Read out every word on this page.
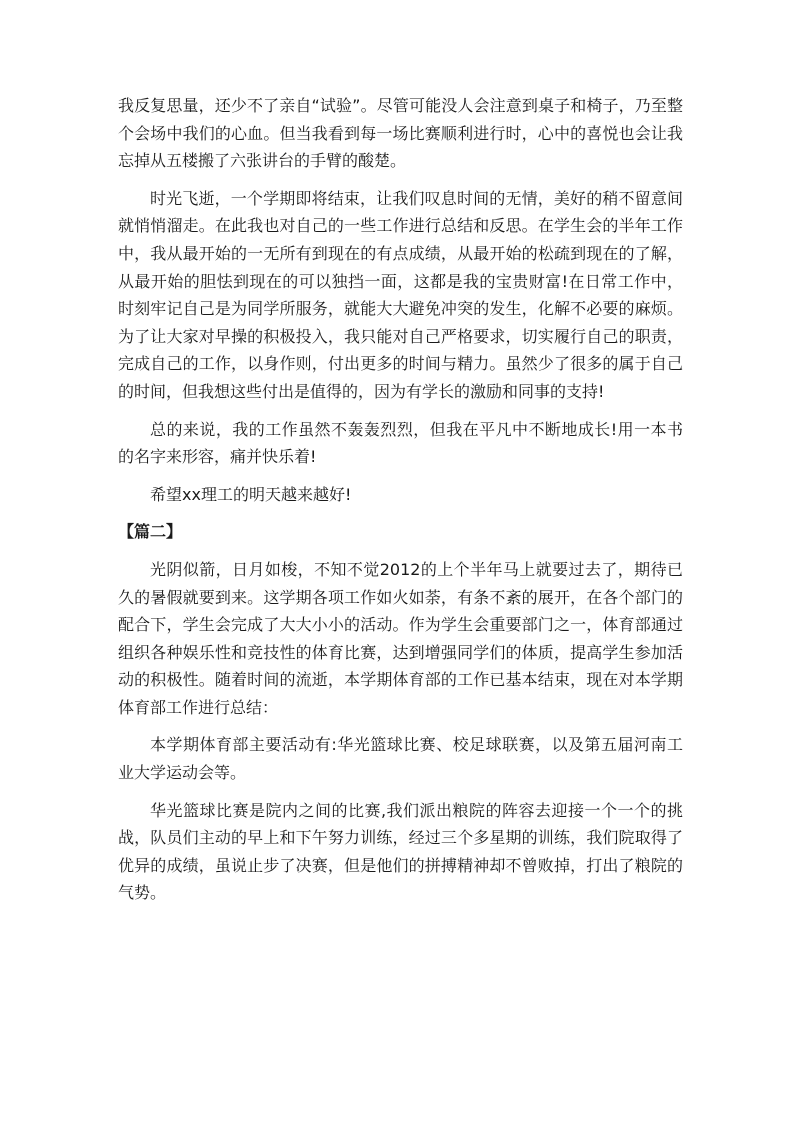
我反复思量，还少不了亲自“试验”。尽管可能没人会注意到桌子和椅子，乃至整个会场中我们的心血。但当我看到每一场比赛顺利进行时，心中的喜悦也会让我忘掉从五楼搬了六张讲台的手臂的酸楚。

时光飞逝，一个学期即将结束，让我们叹息时间的无情，美好的稍不留意间就悄悄溜走。在此我也对自己的一些工作进行总结和反思。在学生会的半年工作中，我从最开始的一无所有到现在的有点成绩，从最开始的松疏到现在的了解，从最开始的胆怯到现在的可以独挡一面，这都是我的宝贵财富!在日常工作中，时刻牢记自己是为同学所服务，就能大大避免冲突的发生，化解不必要的麻烦。为了让大家对早操的积极投入，我只能对自己严格要求，切实履行自己的职责，完成自己的工作，以身作则，付出更多的时间与精力。虽然少了很多的属于自己的时间，但我想这些付出是值得的，因为有学长的激励和同事的支持!

总的来说，我的工作虽然不轰轰烈烈，但我在平凡中不断地成长!用一本书的名字来形容，痛并快乐着!

希望xx理工的明天越来越好!

【篇二】

光阴似箭，日月如梭，不知不觉2012的上个半年马上就要过去了，期待已久的暑假就要到来。这学期各项工作如火如荼，有条不紊的展开，在各个部门的配合下，学生会完成了大大小小的活动。作为学生会重要部门之一，体育部通过组织各种娱乐性和竞技性的体育比赛，达到增强同学们的体质，提高学生参加活动的积极性。随着时间的流逝，本学期体育部的工作已基本结束，现在对本学期体育部工作进行总结：

本学期体育部主要活动有:华光篮球比赛、校足球联赛，以及第五届河南工业大学运动会等。

华光篮球比赛是院内之间的比赛,我们派出粮院的阵容去迎接一个一个的挑战，队员们主动的早上和下午努力训练，经过三个多星期的训练，我们院取得了优异的成绩，虽说止步了决赛，但是他们的拼搏精神却不曾败掉，打出了粮院的气势。
